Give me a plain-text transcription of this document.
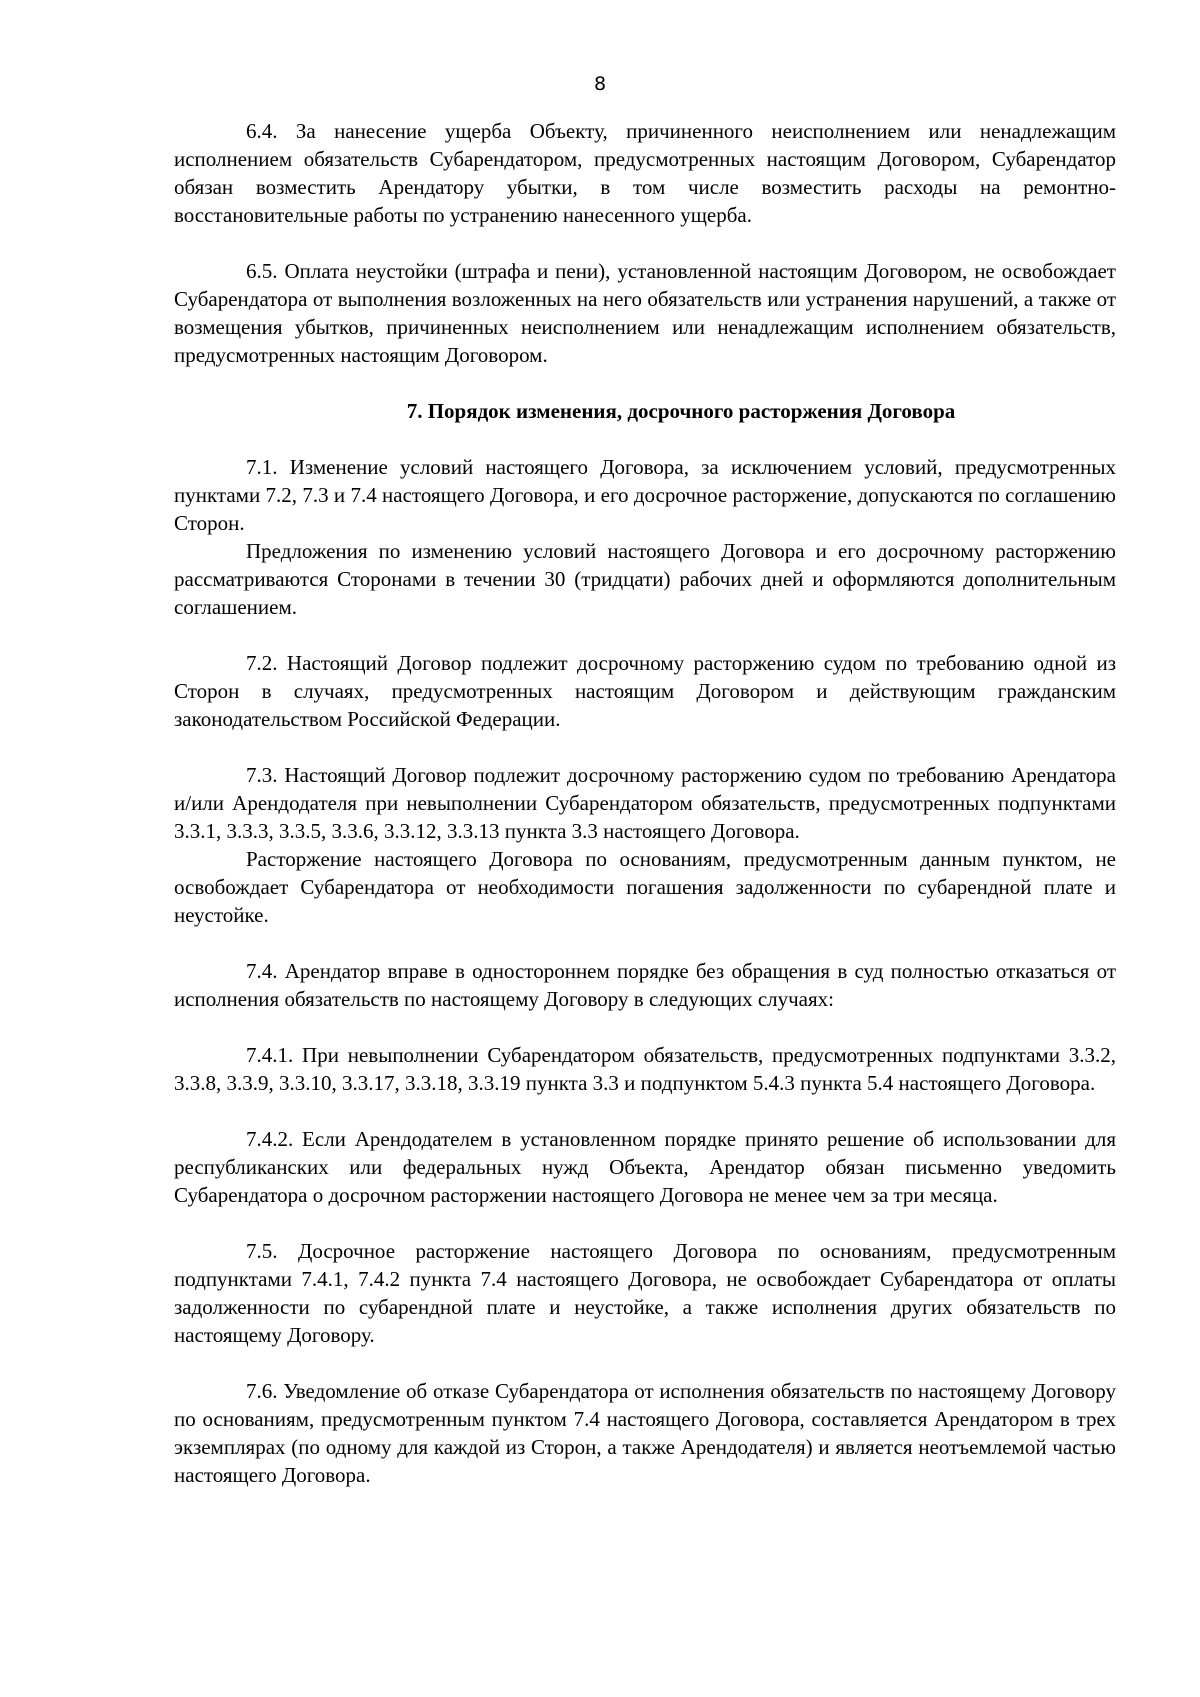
8

6.4. За нанесение ущерба Объекту, причиненного неисполнением или ненадлежащим исполнением обязательств Субарендатором, предусмотренных настоящим Договором, Субарендатор обязан возместить Арендатору убытки, в том числе возместить расходы на ремонтно-восстановительные работы по устранению нанесенного ущерба.

6.5. Оплата неустойки (штрафа и пени), установленной настоящим Договором, не освобождает Субарендатора от выполнения возложенных на него обязательств или устранения нарушений, а также от возмещения убытков, причиненных неисполнением или ненадлежащим исполнением обязательств, предусмотренных настоящим Договором.

7. Порядок изменения, досрочного расторжения Договора

7.1. Изменение условий настоящего Договора, за исключением условий, предусмотренных пунктами 7.2, 7.3 и 7.4 настоящего Договора, и его досрочное расторжение, допускаются по соглашению Сторон.

Предложения по изменению условий настоящего Договора и его досрочному расторжению рассматриваются Сторонами в течении 30 (тридцати) рабочих дней и оформляются дополнительным соглашением.

7.2. Настоящий Договор подлежит досрочному расторжению судом по требованию одной из Сторон в случаях, предусмотренных настоящим Договором и действующим гражданским законодательством Российской Федерации.

7.3. Настоящий Договор подлежит досрочному расторжению судом по требованию Арендатора и/или Арендодателя при невыполнении Субарендатором обязательств, предусмотренных подпунктами 3.3.1, 3.3.3, 3.3.5, 3.3.6, 3.3.12, 3.3.13 пункта 3.3 настоящего Договора.

Расторжение настоящего Договора по основаниям, предусмотренным данным пунктом, не освобождает Субарендатора от необходимости погашения задолженности по субарендной плате и неустойке.

7.4. Арендатор вправе в одностороннем порядке без обращения в суд полностью отказаться от исполнения обязательств по настоящему Договору в следующих случаях:

7.4.1. При невыполнении Субарендатором обязательств, предусмотренных подпунктами 3.3.2, 3.3.8, 3.3.9, 3.3.10, 3.3.17, 3.3.18, 3.3.19 пункта 3.3 и подпунктом 5.4.3 пункта 5.4 настоящего Договора.

7.4.2. Если Арендодателем в установленном порядке принято решение об использовании для республиканских или федеральных нужд Объекта, Арендатор обязан письменно уведомить Субарендатора о досрочном расторжении настоящего Договора не менее чем за три месяца.

7.5. Досрочное расторжение настоящего Договора по основаниям, предусмотренным подпунктами 7.4.1, 7.4.2 пункта 7.4 настоящего Договора, не освобождает Субарендатора от оплаты задолженности по субарендной плате и неустойке, а также исполнения других обязательств по настоящему Договору.

7.6. Уведомление об отказе Субарендатора от исполнения обязательств по настоящему Договору по основаниям, предусмотренным пунктом 7.4 настоящего Договора, составляется Арендатором в трех экземплярах (по одному для каждой из Сторон, а также Арендодателя) и является неотъемлемой частью настоящего Договора.
